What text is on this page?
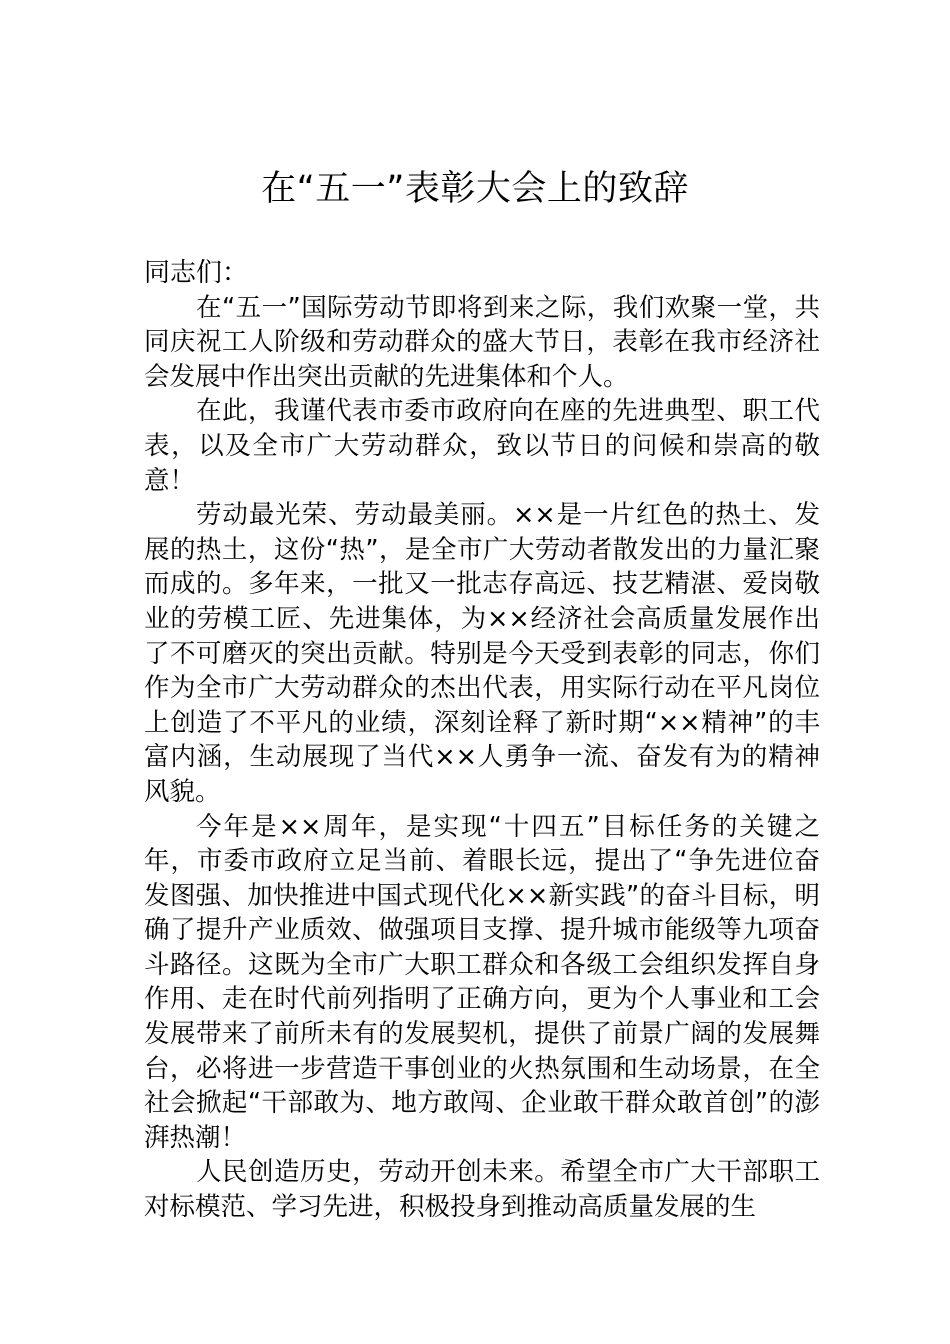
在“五一”表彰大会上的致辞

同志们：

在“五一”国际劳动节即将到来之际，我们欢聚一堂，共同庆祝工人阶级和劳动群众的盛大节日，表彰在我市经济社会发展中作出突出贡献的先进集体和个人。

在此，我谨代表市委市政府向在座的先进典型、职工代表，以及全市广大劳动群众，致以节日的问候和崇高的敬意！

劳动最光荣、劳动最美丽。××是一片红色的热土、发展的热土，这份“热”，是全市广大劳动者散发出的力量汇聚而成的。多年来，一批又一批志存高远、技艺精湛、爱岗敬业的劳模工匠、先进集体，为××经济社会高质量发展作出了不可磨灭的突出贡献。特别是今天受到表彰的同志，你们作为全市广大劳动群众的杰出代表，用实际行动在平凡岗位上创造了不平凡的业绩，深刻诠释了新时期“××精神”的丰富内涵，生动展现了当代××人勇争一流、奋发有为的精神风貌。

今年是××周年，是实现“十四五”目标任务的关键之年，市委市政府立足当前、着眼长远，提出了“争先进位奋发图强、加快推进中国式现代化××新实践”的奋斗目标，明确了提升产业质效、做强项目支撑、提升城市能级等九项奋斗路径。这既为全市广大职工群众和各级工会组织发挥自身作用、走在时代前列指明了正确方向，更为个人事业和工会发展带来了前所未有的发展契机，提供了前景广阔的发展舞台，必将进一步营造干事创业的火热氛围和生动场景，在全社会掀起“干部敢为、地方敢闯、企业敢干群众敢首创”的澎湃热潮！

人民创造历史，劳动开创未来。希望全市广大干部职工对标模范、学习先进，积极投身到推动高质量发展的生
